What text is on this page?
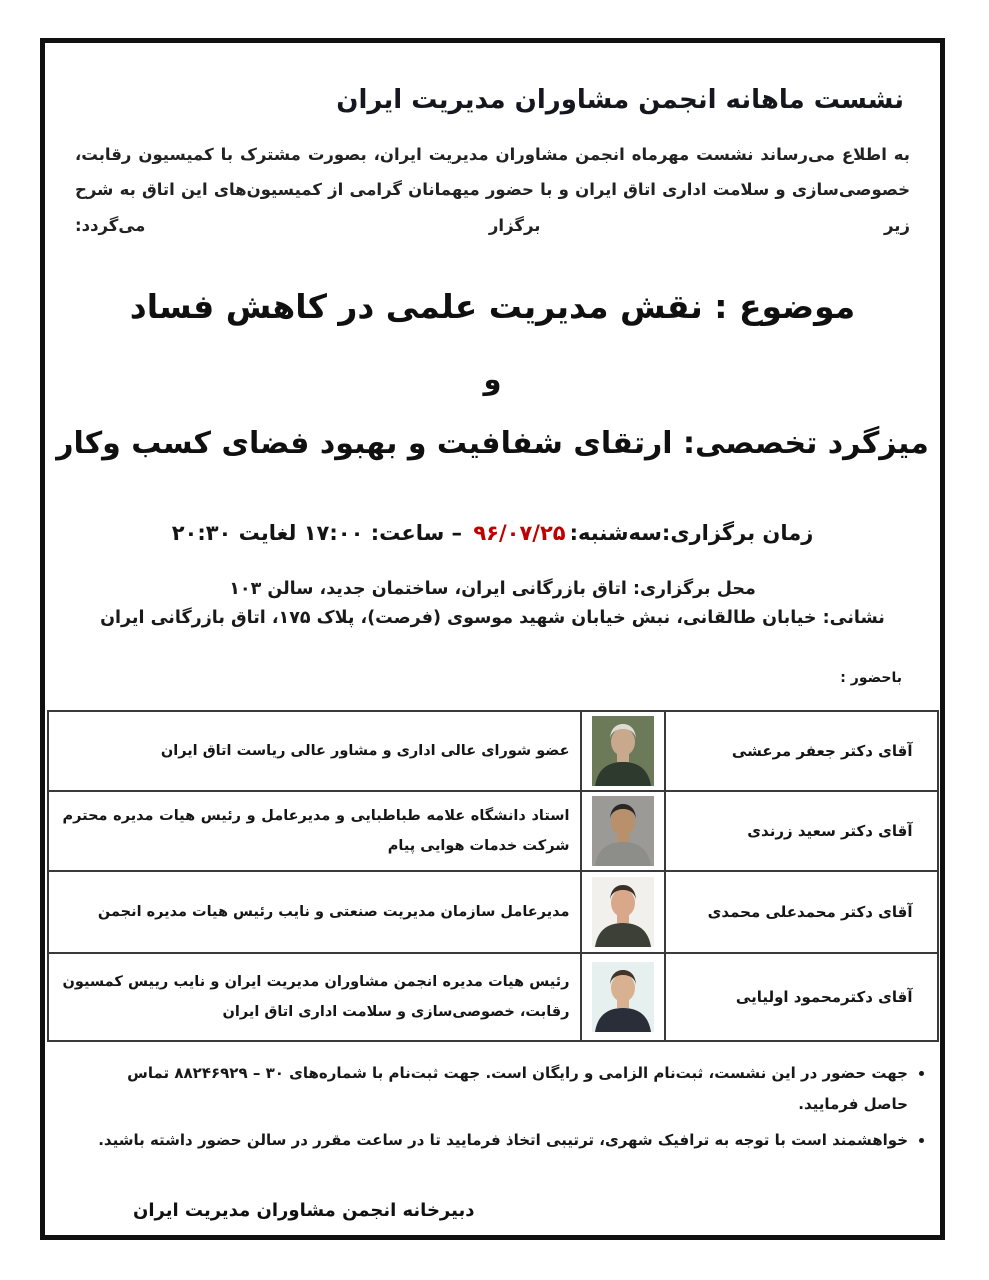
نشست ماهانه انجمن مشاوران مدیریت ایران
به اطلاع می‌رساند نشست مهرماه انجمن مشاوران مدیریت ایران، بصورت مشترک با کمیسیون رقابت، خصوصی‌سازی و سلامت اداری اتاق ایران و با حضور میهمانان گرامی از کمیسیون‌های این اتاق به شرح زیر برگزار می‌گردد:
موضوع : نقش مدیریت علمی در کاهش فساد
و
میزگرد تخصصی: ارتقای شفافیت و بهبود فضای کسب وکار
زمان برگزاری:سه‌شنبه:۹۶/۰۷/۲۵ – ساعت: ۱۷:۰۰ لغایت ۲۰:۳۰
محل برگزاری: اتاق بازرگانی ایران، ساختمان جدید، سالن ۱۰۳
نشانی: خیابان طالقانی، نبش خیابان شهید موسوی (فرصت)، پلاک ۱۷۵، اتاق بازرگانی ایران
باحضور :
آقای دکتر جعفر مرعشی		عضو شورای عالی اداری و مشاور عالی ریاست اتاق ایران
آقای دکتر سعید زرندی		استاد دانشگاه علامه طباطبایی و مدیرعامل و رئیس هیات مدیره محترم شرکت خدمات هوایی پیام
آقای دکتر محمدعلی محمدی		مدیرعامل سازمان مدیریت صنعتی و نایب رئیس هیات مدیره انجمن
آقای دکترمحمود اولیایی		رئیس هیات مدیره انجمن مشاوران مدیریت ایران و نایب رییس کمسیون رقابت، خصوصی‌سازی و سلامت اداری اتاق ایران
• جهت حضور در این نشست، ثبت‌نام الزامی و رایگان است. جهت ثبت‌نام با شماره‌های ۳۰ – ۸۸۲۴۶۹۲۹ تماس حاصل فرمایید.
• خواهشمند است با توجه به ترافیک شهری، ترتیبی اتخاذ فرمایید تا در ساعت مقرر در سالن حضور داشته باشید.
دبیرخانه انجمن مشاوران مدیریت ایران
